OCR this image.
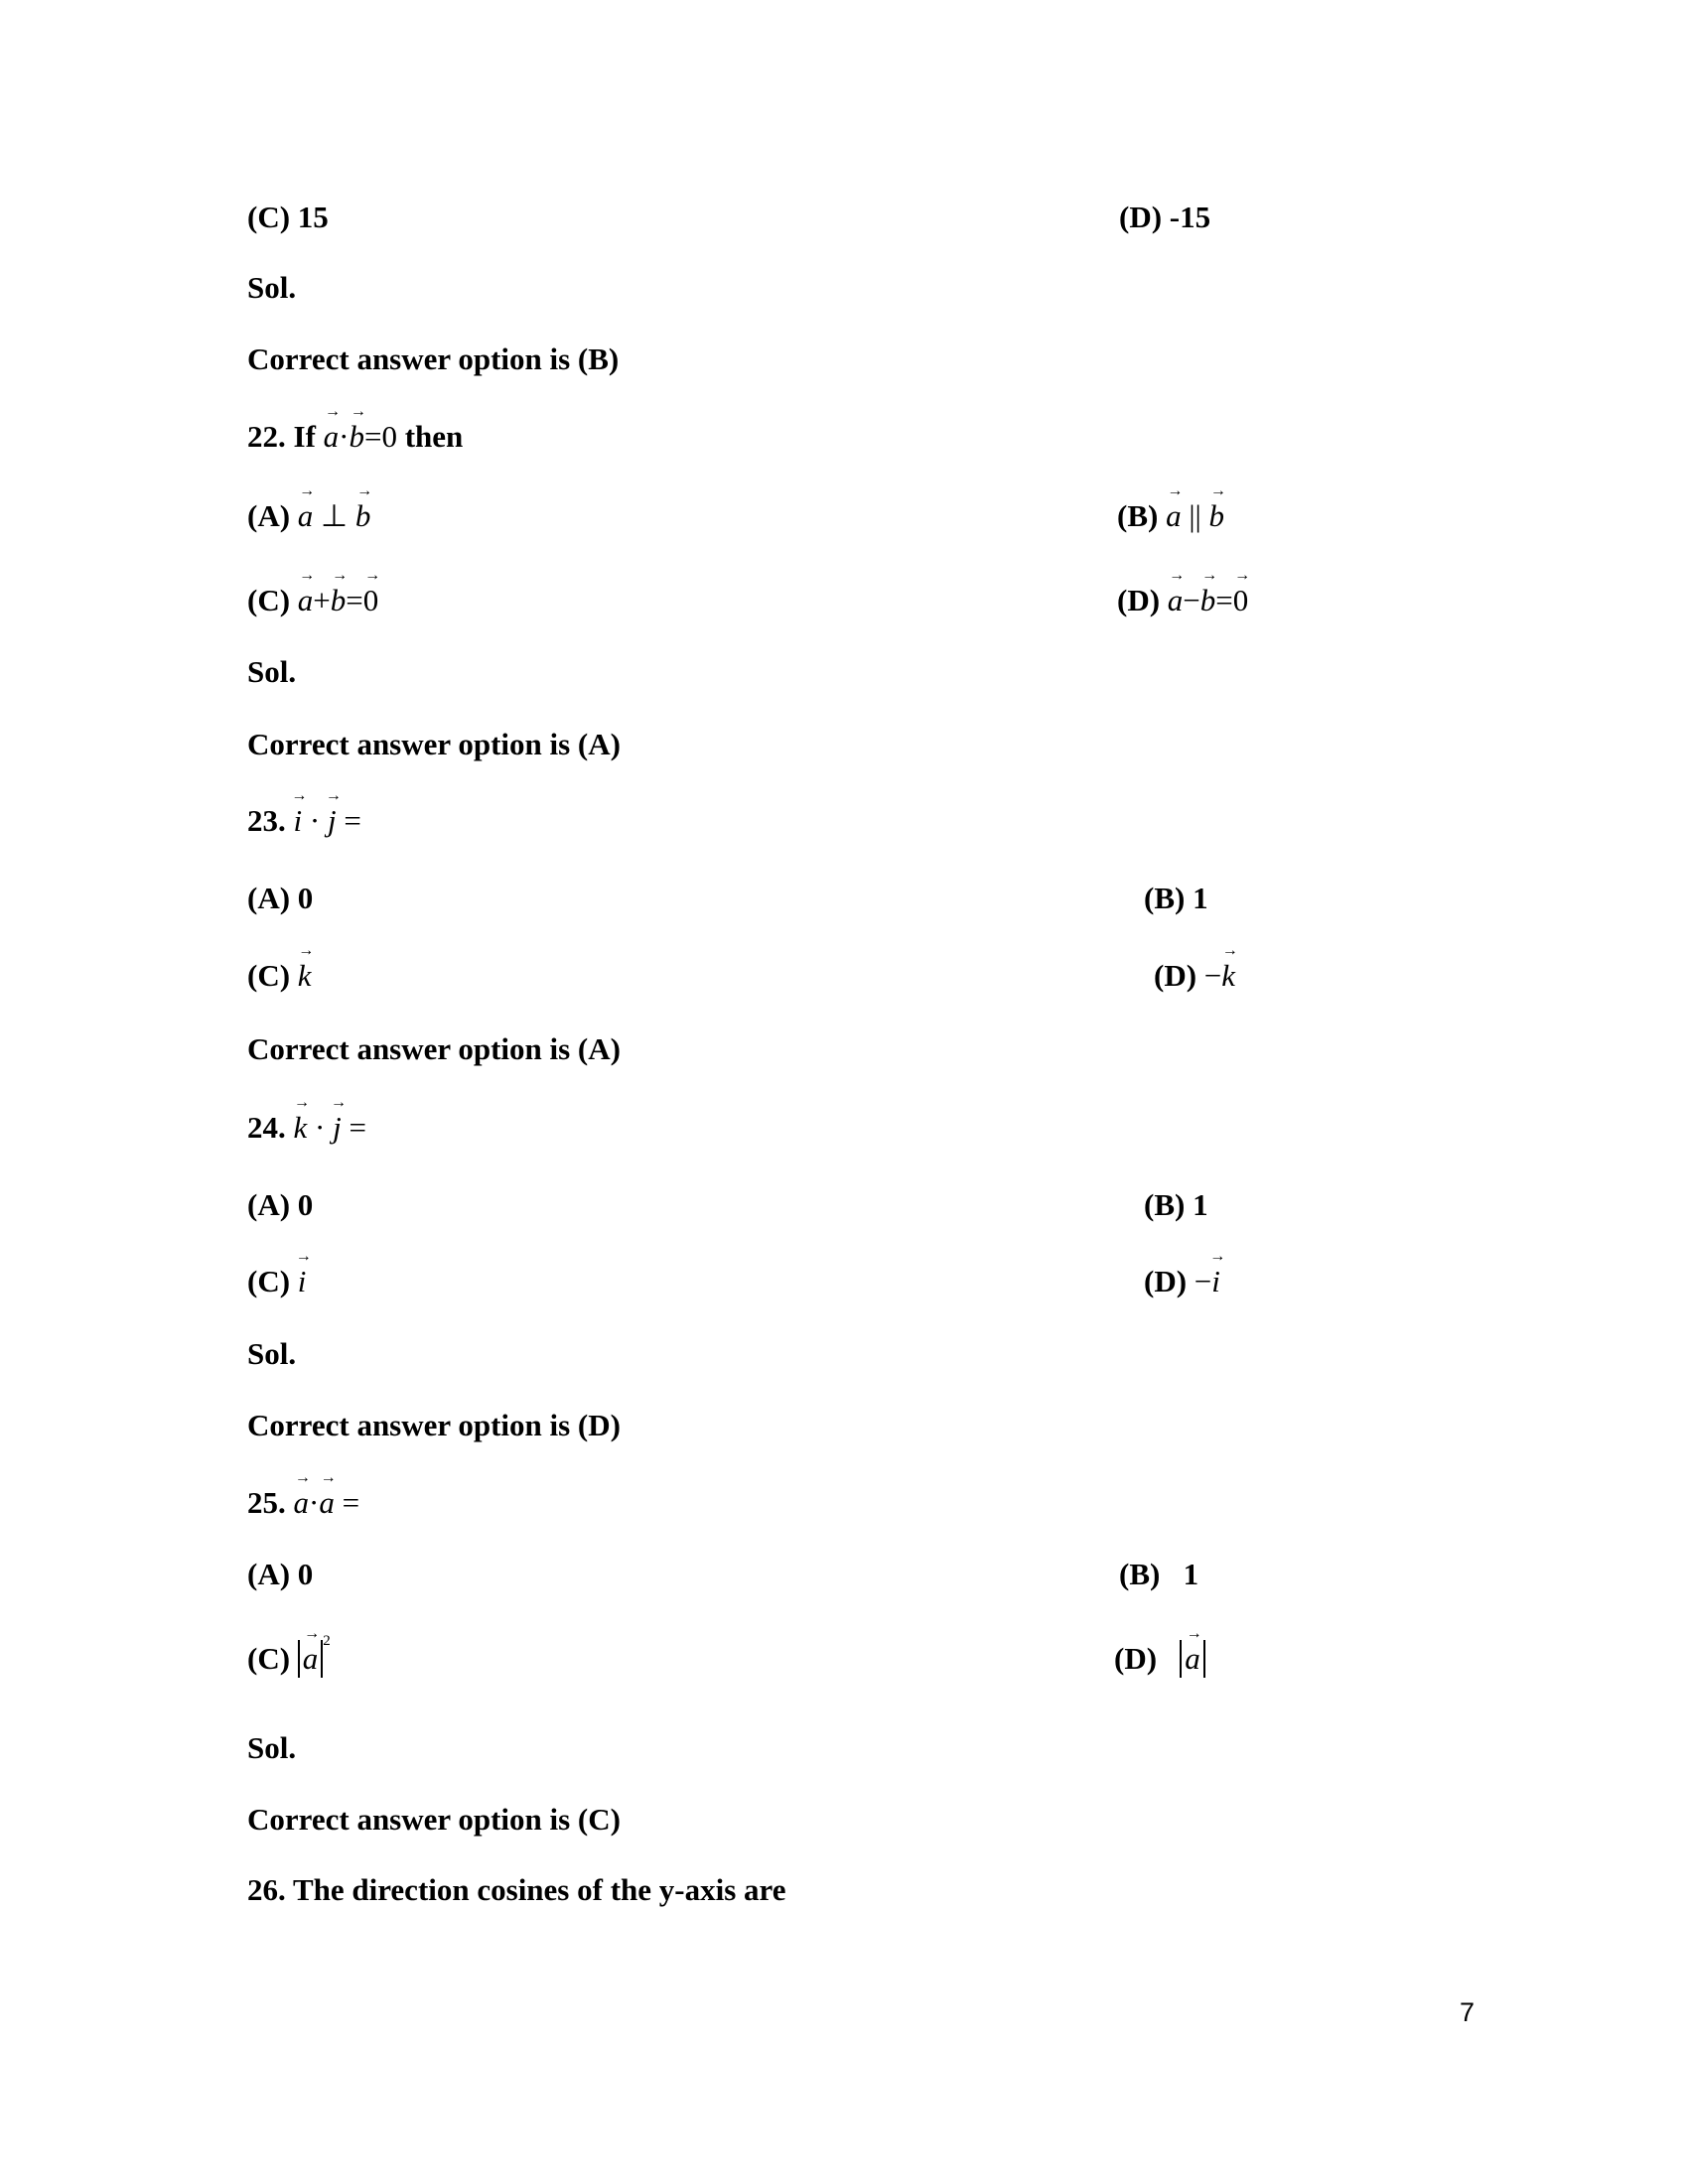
(C) 15	(D) -15
Sol.
Correct answer option is (B)
22. If → a·→ b=0 then
(A) → a ⊥ → b	(B) → a || → b
(C) → a+→ b=→ 0	(D) → a−→ b=→ 0
Sol.
Correct answer option is (A)
23. → i · → j =
(A) 0	(B) 1
(C) → k	(D) −→ k
Correct answer option is (A)
24. → k · → j =
(A) 0	(B) 1
(C) → i	(D) −→ i
Sol.
Correct answer option is (D)
25. → a·→ a =
(A) 0	(B)   1
(C) → a $^2$	(D) → a
Sol.
Correct answer option is (C)
26. The direction cosines of the y-axis are
7
